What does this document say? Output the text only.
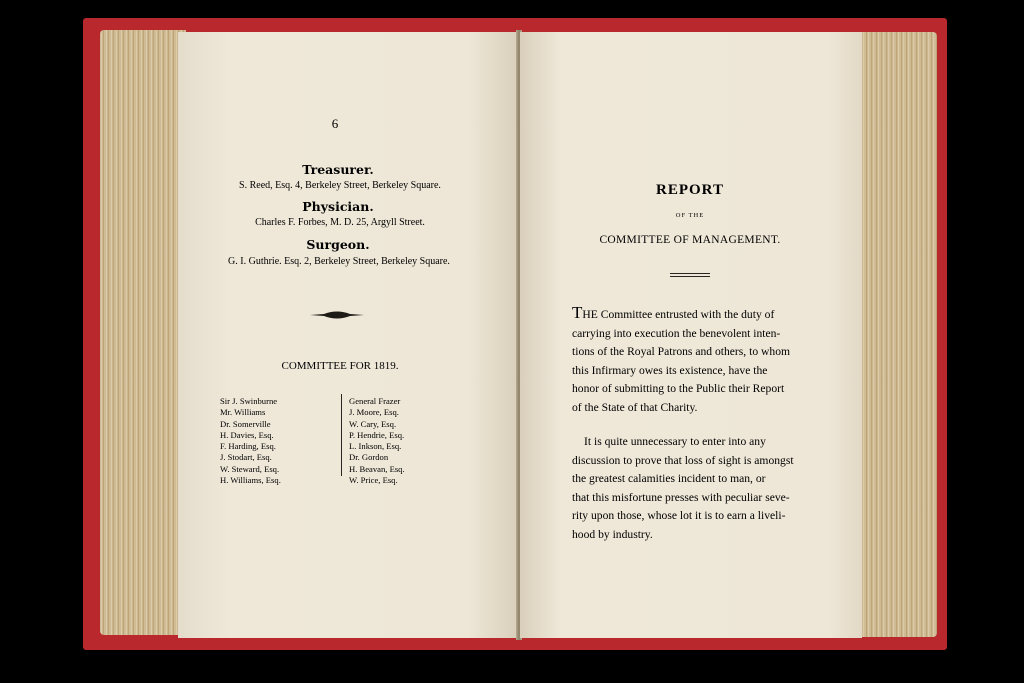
6
Treasurer.
S. Reed, Esq. 4, Berkeley Street, Berkeley Square.
Physician.
Charles F. Forbes, M. D. 25, Argyll Street.
Surgeon.
G. I. Guthrie. Esq. 2, Berkeley Street, Berkeley Square.
COMMITTEE FOR 1819.
Sir J. Swinburne
Mr. Williams
Dr. Somerville
H. Davies, Esq.
F. Harding, Esq.
J. Stodart, Esq.
W. Steward, Esq.
H. Williams, Esq.
General Frazer
J. Moore, Esq.
W. Cary, Esq.
P. Hendrie, Esq.
L. Inkson, Esq.
Dr. Gordon
H. Beavan, Esq.
W. Price, Esq.
REPORT
OF THE
COMMITTEE OF MANAGEMENT.
THE Committee entrusted with the duty of
carrying into execution the benevolent inten-
tions of the Royal Patrons and others, to whom
this Infirmary owes its existence, have the
honor of submitting to the Public their Report
of the State of that Charity.
It is quite unnecessary to enter into any
discussion to prove that loss of sight is amongst
the greatest calamities incident to man, or
that this misfortune presses with peculiar seve-
rity upon those, whose lot it is to earn a liveli-
hood by industry.
